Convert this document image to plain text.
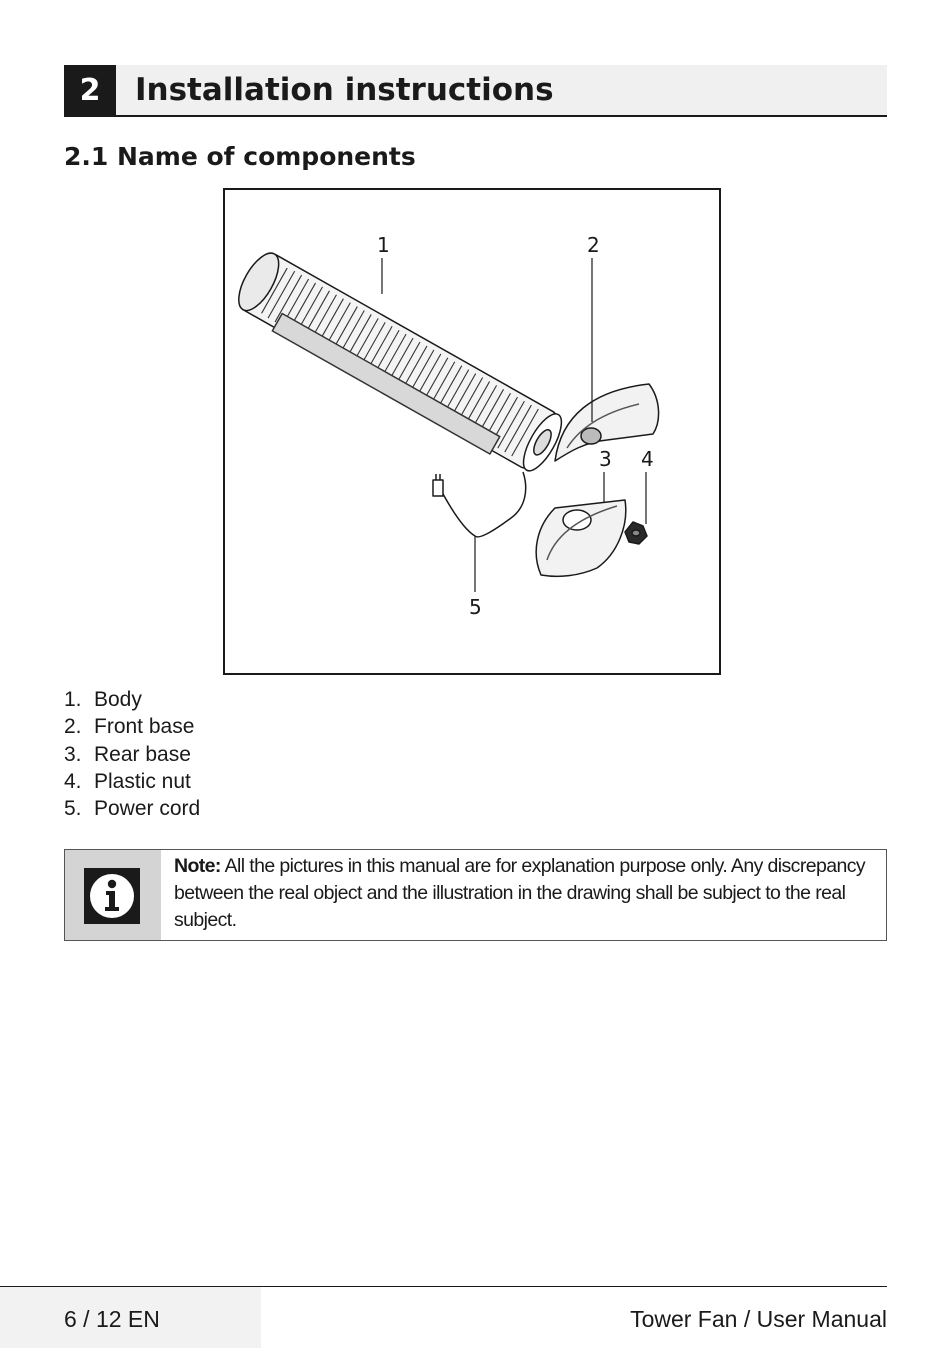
2	Installation instructions
2.1 Name of components
1	2
3 4
5
1. Body
2. Front base
3. Rear base
4. Plastic nut
5. Power cord
Note: All the pictures in this manual are for explanation purpose only. Any discrepancy between the real object and the illustration in the drawing shall be subject to the real subject.
6 / 12 EN	Tower Fan / User Manual
